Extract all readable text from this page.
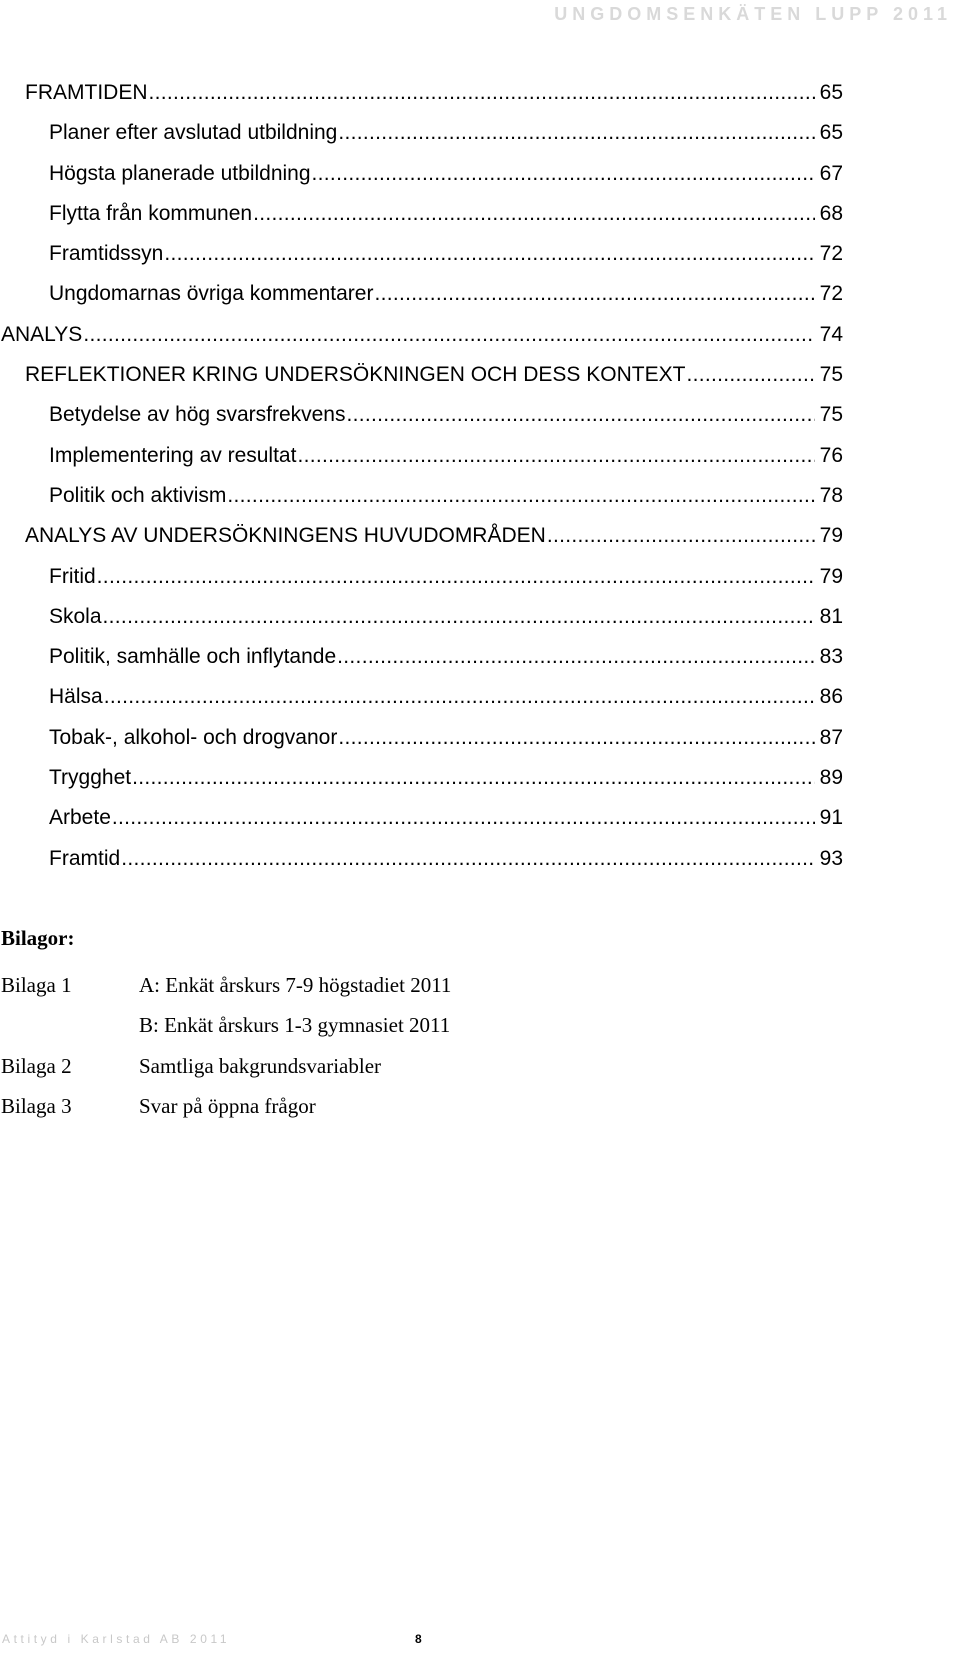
UNGDOMSENKÄTEN LUPP 2011
FRAMTIDEN .....	65
Planer efter avslutad utbildning .....	65
Högsta planerade utbildning .....	67
Flytta från kommunen .....	68
Framtidssyn .....	72
Ungdomarnas övriga kommentarer .....	72
ANALYS .....	74
REFLEKTIONER KRING UNDERSÖKNINGEN OCH DESS KONTEXT .....	75
Betydelse av hög svarsfrekvens .....	75
Implementering av resultat .....	76
Politik och aktivism .....	78
ANALYS AV UNDERSÖKNINGENS HUVUDOMRÅDEN .....	79
Fritid .....	79
Skola .....	81
Politik, samhälle och inflytande .....	83
Hälsa .....	86
Tobak-, alkohol- och drogvanor .....	87
Trygghet .....	89
Arbete .....	91
Framtid .....	93
Bilagor:
Bilaga 1	A: Enkät årskurs 7-9 högstadiet 2011
B: Enkät årskurs 1-3 gymnasiet 2011
Bilaga 2	Samtliga bakgrundsvariabler
Bilaga 3	Svar på öppna frågor
Attityd i Karlstad AB 2011	8
